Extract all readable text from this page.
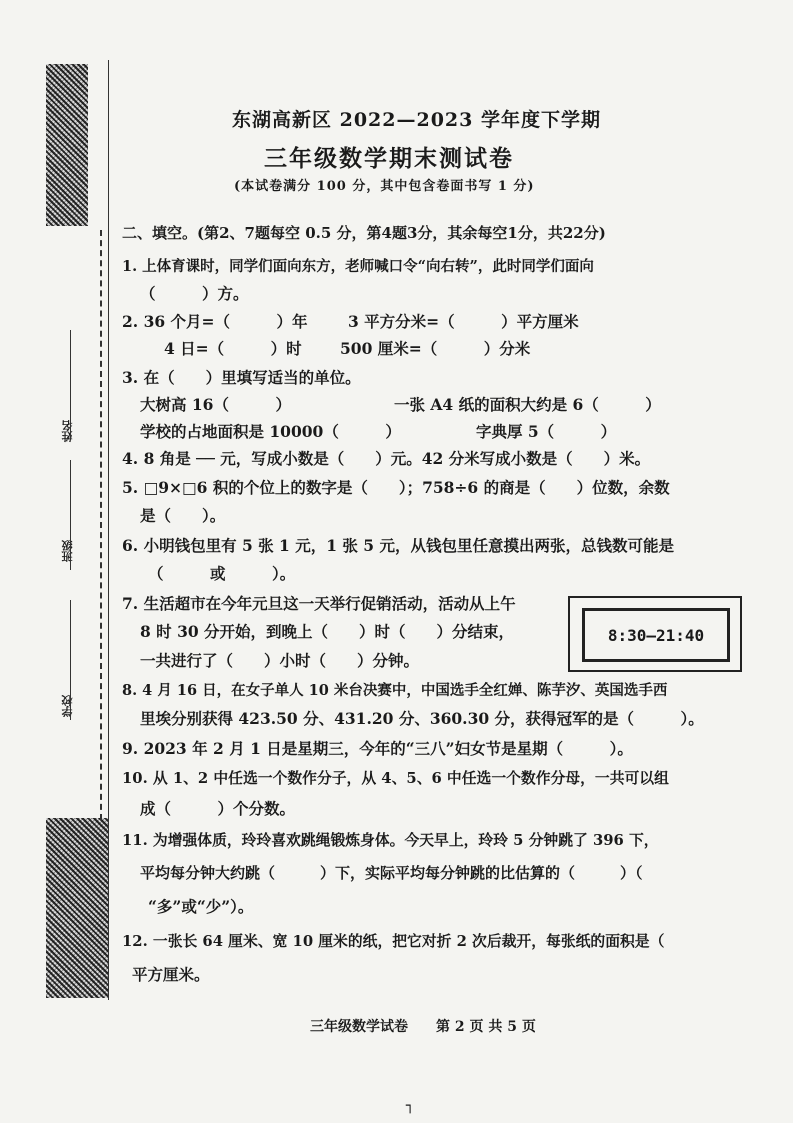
姓名
班级
学校
东湖高新区 2022—2023 学年度下学期
三年级数学期末测试卷
(本试卷满分 100 分，其中包含卷面书写 1 分)
二、填空。(第2、7题每空 0.5 分，第4题3分，其余每空1分，共22分)
1. 上体育课时，同学们面向东方，老师喊口令“向右转”，此时同学们面向
（　　　）方。
2. 36 个月=（　　　）年	3 平方分米=（　　　）平方厘米
4 日=（　　　）时 500 厘米=（　　　）分米
3. 在（　　）里填写适当的单位。
大树高 16（　　　）	一张 A4 纸的面积大约是 6（　　　）
学校的占地面积是 10000（　　　）	字典厚 5（　　　）
4. 8 角是 ── 元，写成小数是（　　）元。42 分米写成小数是（　　）米。
5. □9×□6 积的个位上的数字是（　　）；758÷6 的商是（　　）位数，余数
是（　　）。
6. 小明钱包里有 5 张 1 元，1 张 5 元，从钱包里任意摸出两张，总钱数可能是
（　　　或　　　）。
7. 生活超市在今年元旦这一天举行促销活动，活动从上午
8 时 30 分开始，到晚上（　　）时（　　）分结束，
一共进行了（　　）小时（　　）分钟。
8:30—21:40
8. 4 月 16 日，在女子单人 10 米台决赛中，中国选手全红婵、陈芋汐、英国选手西
里埃分别获得 423.50 分、431.20 分、360.30 分，获得冠军的是（　　　）。
9. 2023 年 2 月 1 日是星期三，今年的“三八”妇女节是星期（　　　）。
10. 从 1、2 中任选一个数作分子，从 4、5、6 中任选一个数作分母，一共可以组
成（　　　）个分数。
11. 为增强体质，玲玲喜欢跳绳锻炼身体。今天早上，玲玲 5 分钟跳了 396 下，
平均每分钟大约跳（　　　）下，实际平均每分钟跳的比估算的（　　　）（
“多”或“少”）。
12. 一张长 64 厘米、宽 10 厘米的纸，把它对折 2 次后裁开，每张纸的面积是（
平方厘米。
三年级数学试卷　　第 2 页 共 5 页
┐
